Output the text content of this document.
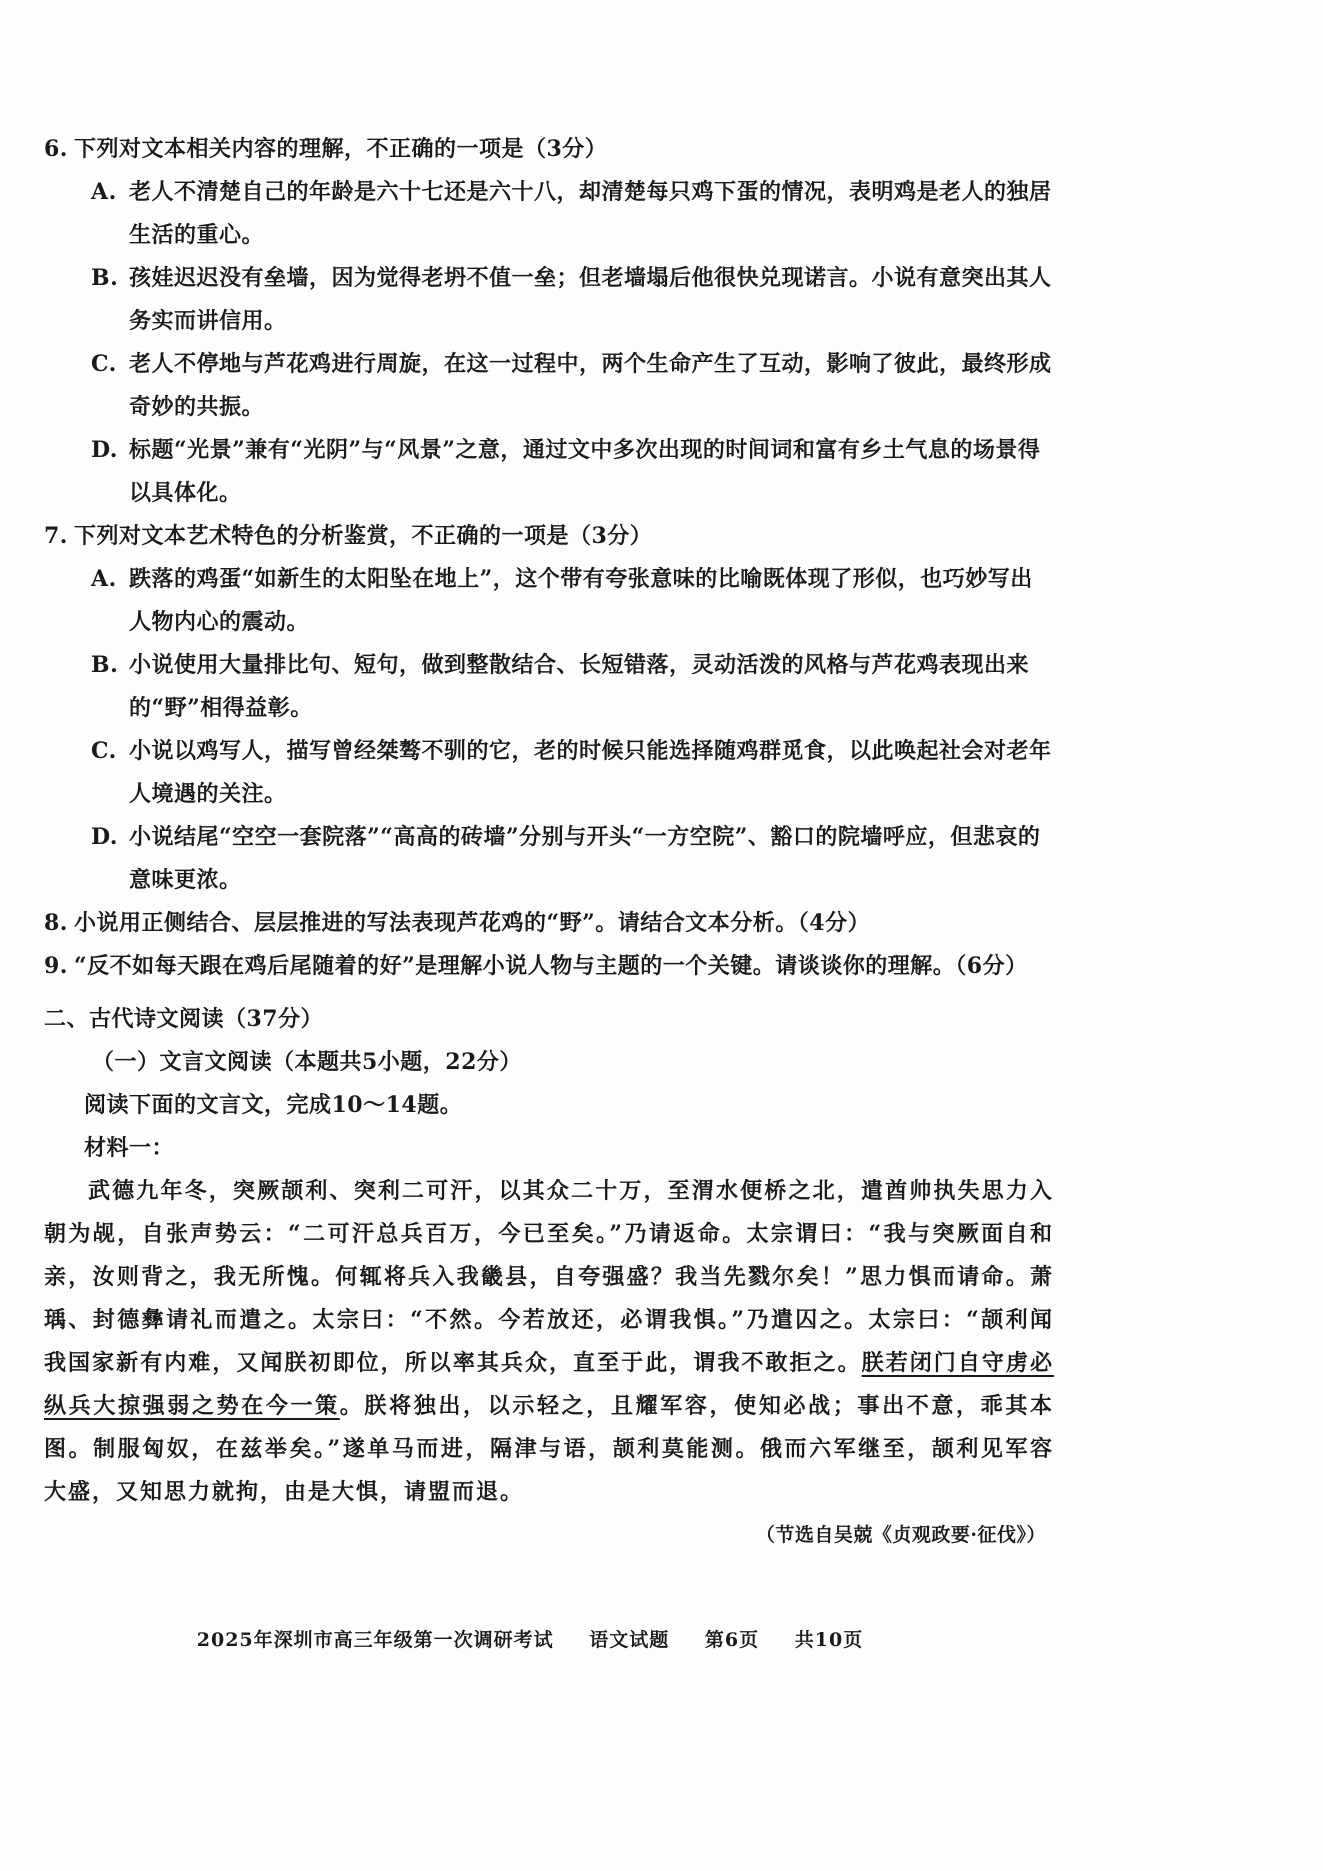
6. 下列对文本相关内容的理解，不正确的一项是（3分）
A. 老人不清楚自己的年龄是六十七还是六十八，却清楚每只鸡下蛋的情况，表明鸡是老人的独居生活的重心。
B. 孩娃迟迟没有垒墙，因为觉得老坍不值一垒；但老墙塌后他很快兑现诺言。小说有意突出其人务实而讲信用。
C. 老人不停地与芦花鸡进行周旋，在这一过程中，两个生命产生了互动，影响了彼此，最终形成奇妙的共振。
D. 标题“光景”兼有“光阴”与“风景”之意，通过文中多次出现的时间词和富有乡土气息的场景得以具体化。
7. 下列对文本艺术特色的分析鉴赏，不正确的一项是（3分）
A. 跌落的鸡蛋“如新生的太阳坠在地上”，这个带有夸张意味的比喻既体现了形似，也巧妙写出人物内心的震动。
B. 小说使用大量排比句、短句，做到整散结合、长短错落，灵动活泼的风格与芦花鸡表现出来的“野”相得益彰。
C. 小说以鸡写人，描写曾经桀骜不驯的它，老的时候只能选择随鸡群觅食，以此唤起社会对老年人境遇的关注。
D. 小说结尾“空空一套院落”“高高的砖墙”分别与开头“一方空院”、豁口的院墙呼应，但悲哀的意味更浓。
8. 小说用正侧结合、层层推进的写法表现芦花鸡的“野”。请结合文本分析。（4分）
9. “反不如每天跟在鸡后尾随着的好”是理解小说人物与主题的一个关键。请谈谈你的理解。（6分）
二、古代诗文阅读（37分）
（一）文言文阅读（本题共5小题，22分）
阅读下面的文言文，完成10～14题。
材料一：
武德九年冬，突厥颉利、突利二可汗，以其众二十万，至渭水便桥之北，遣酋帅执失思力入朝为觇，自张声势云：“二可汗总兵百万，今已至矣。”乃请返命。太宗谓曰：“我与突厥面自和亲，汝则背之，我无所愧。何辄将兵入我畿县，自夸强盛？我当先戮尔矣！”思力惧而请命。萧瑀、封德彝请礼而遣之。太宗曰：“不然。今若放还，必谓我惧。”乃遣囚之。太宗曰：“颉利闻我国家新有内难，又闻朕初即位，所以率其兵众，直至于此，谓我不敢拒之。朕若闭门自守虏必纵兵大掠强弱之势在今一策。朕将独出，以示轻之，且耀军容，使知必战；事出不意，乖其本图。制服匈奴，在兹举矣。”遂单马而进，隔津与语，颉利莫能测。俄而六军继至，颉利见军容大盛，又知思力就拘，由是大惧，请盟而退。
（节选自吴兢《贞观政要·征伐》）
2025年深圳市高三年级第一次调研考试 语文试题 第6页 共10页
